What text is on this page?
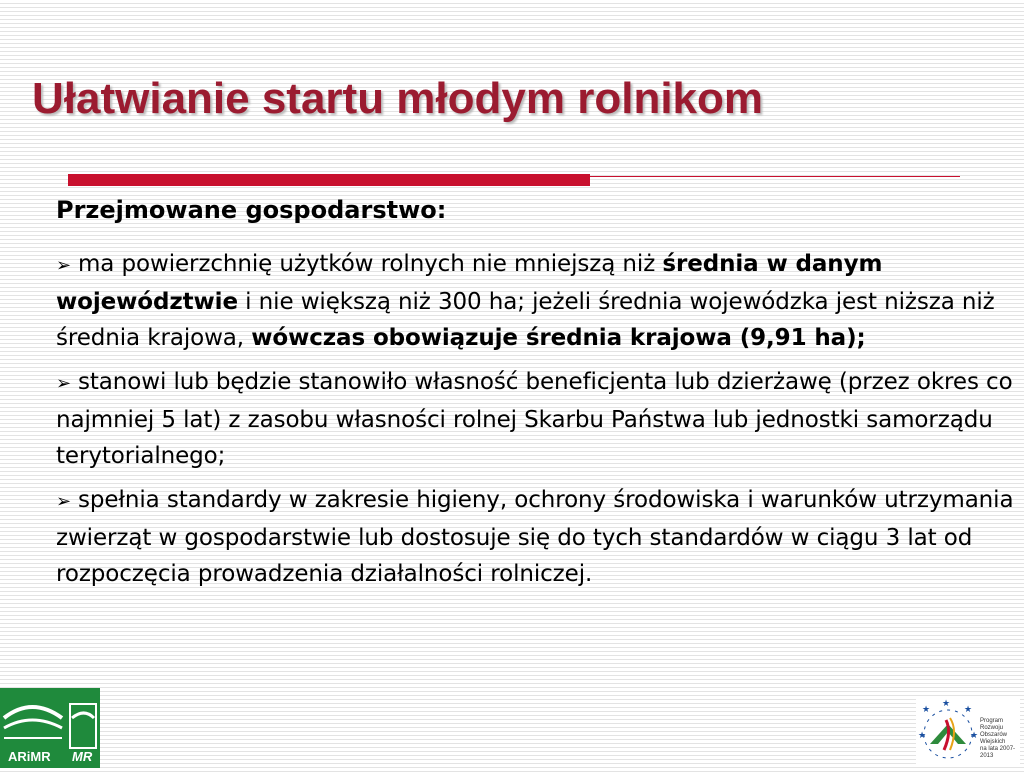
Ułatwianie startu młodym rolnikom

Przejmowane gospodarstwo:

➢ ma powierzchnię użytków rolnych nie mniejszą niż średnia w danym województwie i nie większą niż 300 ha; jeżeli średnia wojewódzka jest niższa niż średnia krajowa, wówczas obowiązuje średnia krajowa (9,91 ha);

➢ stanowi lub będzie stanowiło własność beneficjenta lub dzierżawę (przez okres co najmniej 5 lat) z zasobu własności rolnej Skarbu Państwa lub jednostki samorządu terytorialnego;

➢ spełnia standardy w zakresie higieny, ochrony środowiska i warunków utrzymania zwierząt w gospodarstwie lub dostosuje się do tych standardów w ciągu 3 lat od rozpoczęcia prowadzenia działalności rolniczej.

ARiMR MR
★
★
★
★	★
Program
Rozwoju
Obszarów
Wiejskich
na lata 2007-2013
